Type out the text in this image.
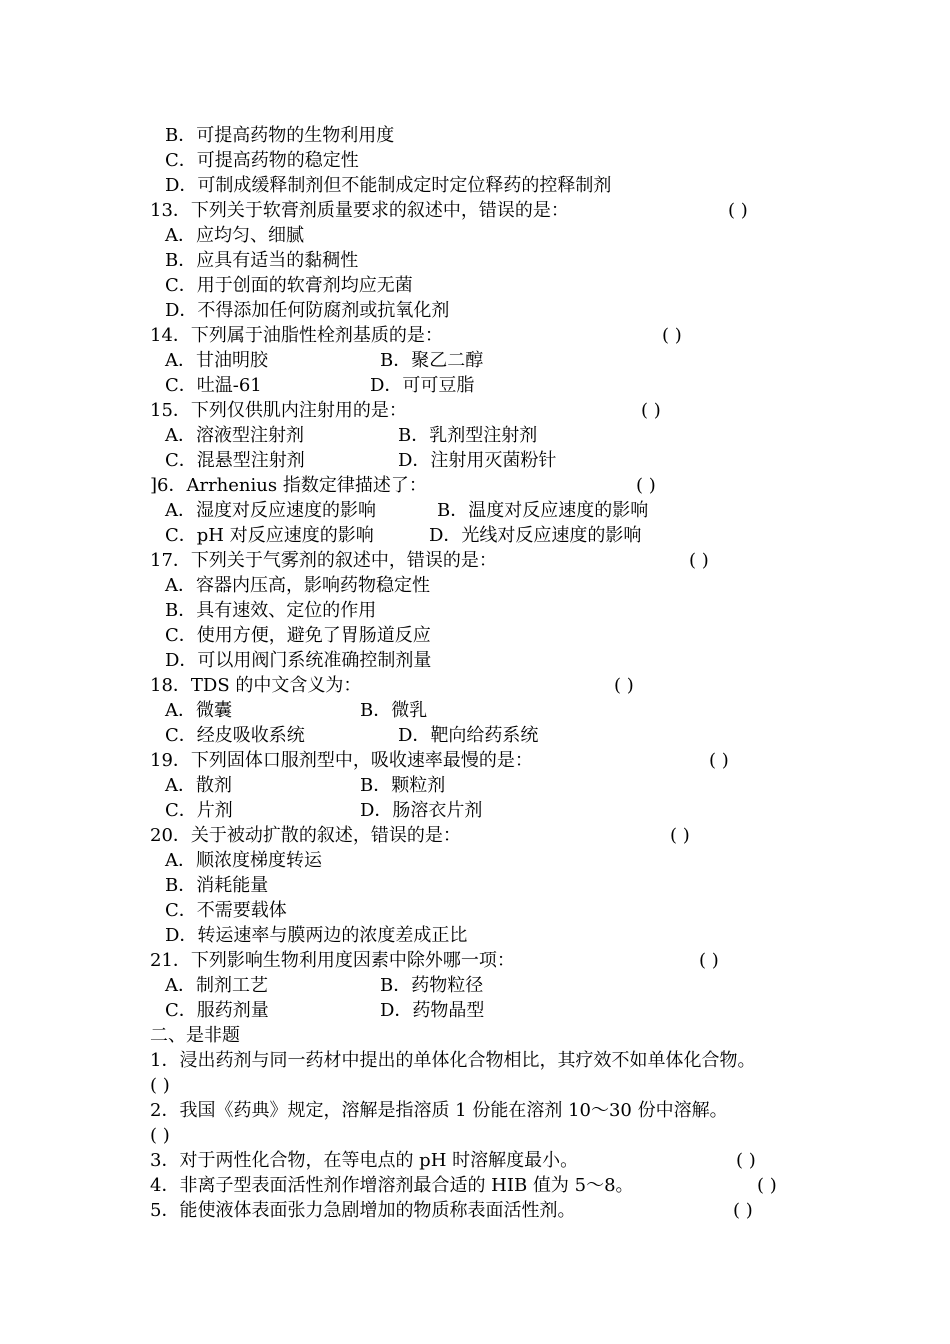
B．可提高药物的生物利用度
C．可提高药物的稳定性
D．可制成缓释制剂但不能制成定时定位释药的控释制剂
13．下列关于软膏剂质量要求的叙述中，错误的是：	( )
A．应均匀、细腻
B．应具有适当的黏稠性
C．用于创面的软膏剂均应无菌
D．不得添加任何防腐剂或抗氧化剂
14．下列属于油脂性栓剂基质的是：	( )
A．甘油明胶	B．聚乙二醇
C．吐温-61	D．可可豆脂
15．下列仅供肌内注射用的是：	( )
A．溶液型注射剂	B．乳剂型注射剂
C．混悬型注射剂	D．注射用灭菌粉针
]6．Arrhenius 指数定律描述了：	( )
A．湿度对反应速度的影响	B．温度对反应速度的影响
C．pH 对反应速度的影响	D．光线对反应速度的影响
17．下列关于气雾剂的叙述中，错误的是：	( )
A．容器内压高，影响药物稳定性
B．具有速效、定位的作用
C．使用方便，避免了胃肠道反应
D．可以用阀门系统准确控制剂量
18．TDS 的中文含义为：	( )
A．微囊	B．微乳
C．经皮吸收系统	D．靶向给药系统
19．下列固体口服剂型中，吸收速率最慢的是：	( )
A．散剂	B．颗粒剂
C．片剂	D．肠溶衣片剂
20．关于被动扩散的叙述，错误的是：	( )
A．顺浓度梯度转运
B．消耗能量
C．不需要载体
D．转运速率与膜两边的浓度差成正比
21．下列影响生物利用度因素中除外哪一项：	( )
A．制剂工艺	B．药物粒径
C．服药剂量	D．药物晶型
二、是非题
1．浸出药剂与同一药材中提出的单体化合物相比，其疗效不如单体化合物。
( )
2．我国《药典》规定，溶解是指溶质 1 份能在溶剂 10～30 份中溶解。
( )
3．对于两性化合物，在等电点的 pH 时溶解度最小。	( )
4．非离子型表面活性剂作增溶剂最合适的 HIB 值为 5～8。	( )
5．能使液体表面张力急剧增加的物质称表面活性剂。	( )
